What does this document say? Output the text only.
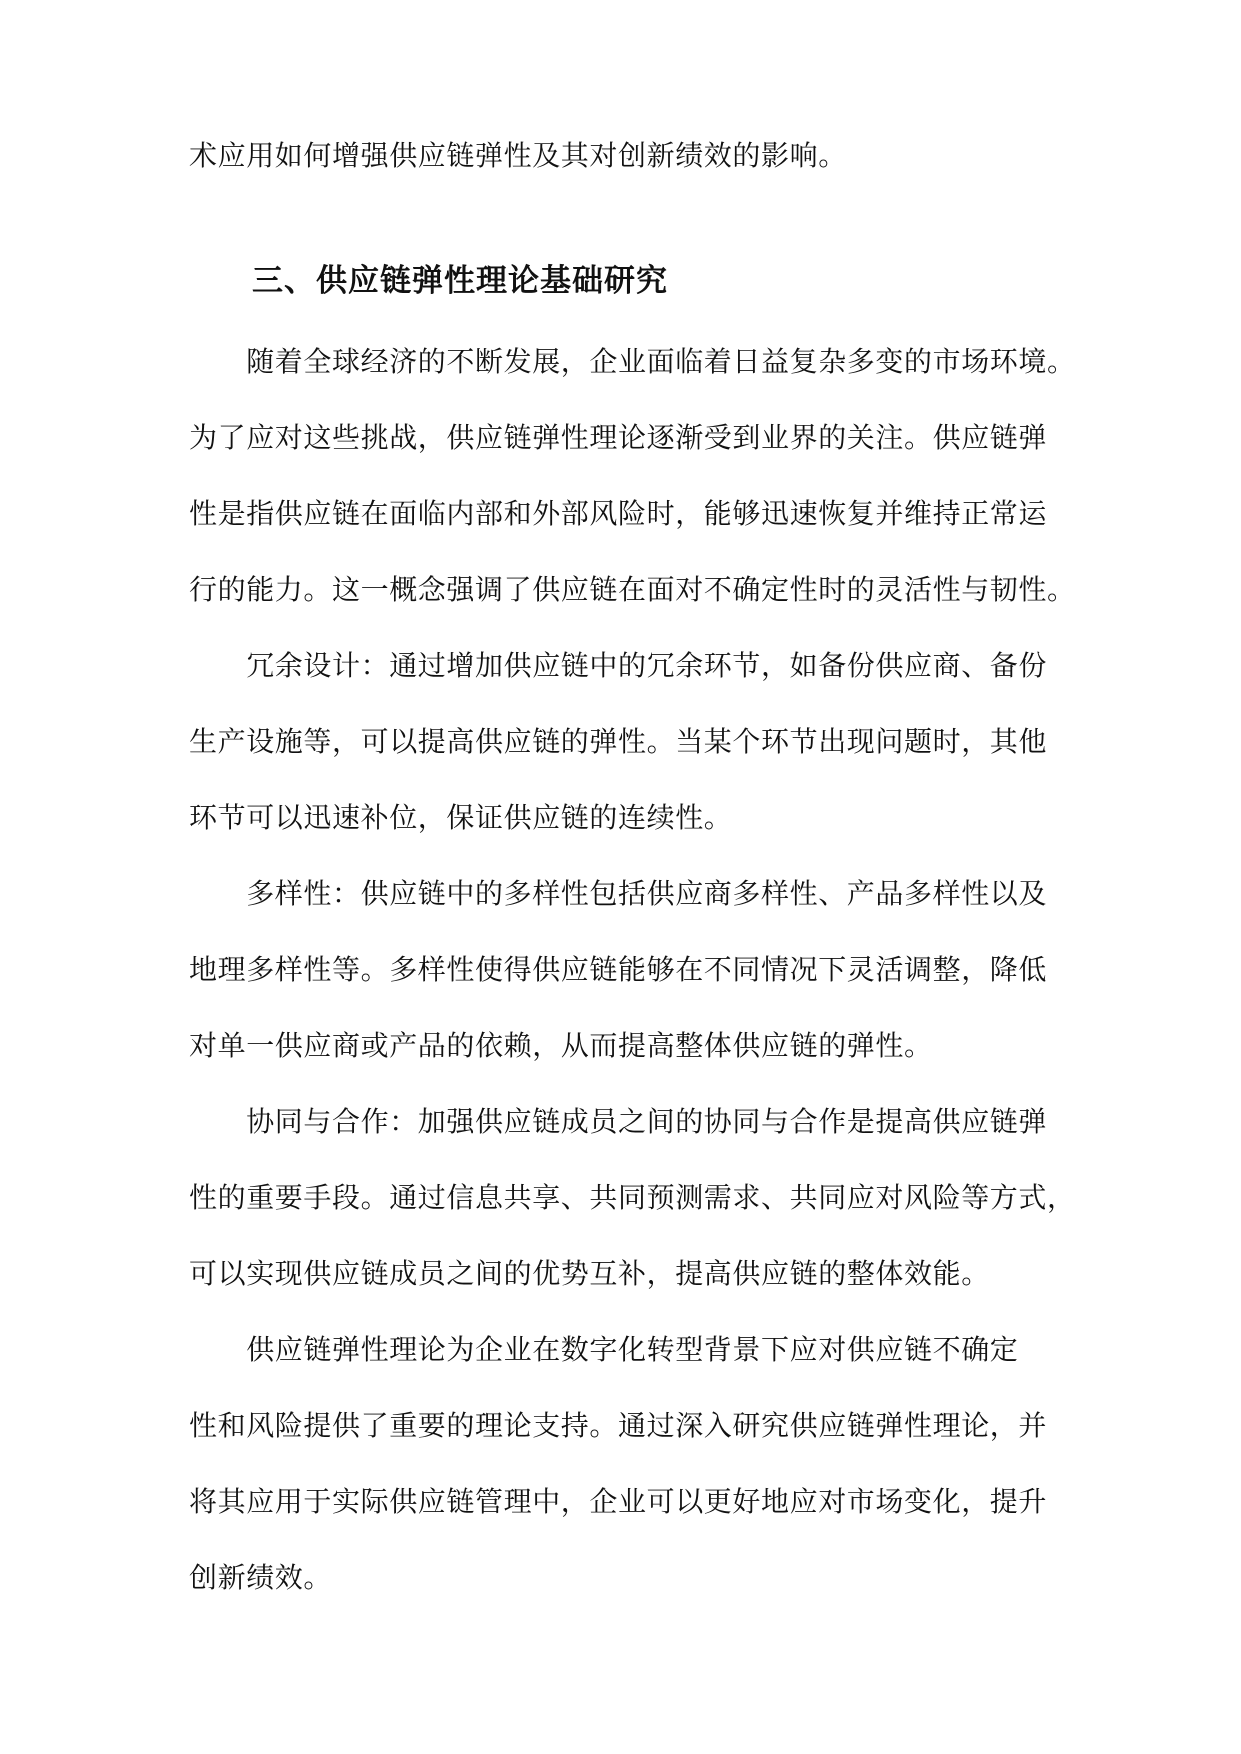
术应用如何增强供应链弹性及其对创新绩效的影响。
三、供应链弹性理论基础研究
　　随着全球经济的不断发展，企业面临着日益复杂多变的市场环境。
为了应对这些挑战，供应链弹性理论逐渐受到业界的关注。供应链弹
性是指供应链在面临内部和外部风险时，能够迅速恢复并维持正常运
行的能力。这一概念强调了供应链在面对不确定性时的灵活性与韧性。
　　冗余设计：通过增加供应链中的冗余环节，如备份供应商、备份
生产设施等，可以提高供应链的弹性。当某个环节出现问题时，其他
环节可以迅速补位，保证供应链的连续性。
　　多样性：供应链中的多样性包括供应商多样性、产品多样性以及
地理多样性等。多样性使得供应链能够在不同情况下灵活调整，降低
对单一供应商或产品的依赖，从而提高整体供应链的弹性。
　　协同与合作：加强供应链成员之间的协同与合作是提高供应链弹
性的重要手段。通过信息共享、共同预测需求、共同应对风险等方式，
可以实现供应链成员之间的优势互补，提高供应链的整体效能。
　　供应链弹性理论为企业在数字化转型背景下应对供应链不确定
性和风险提供了重要的理论支持。通过深入研究供应链弹性理论，并
将其应用于实际供应链管理中，企业可以更好地应对市场变化，提升
创新绩效。
